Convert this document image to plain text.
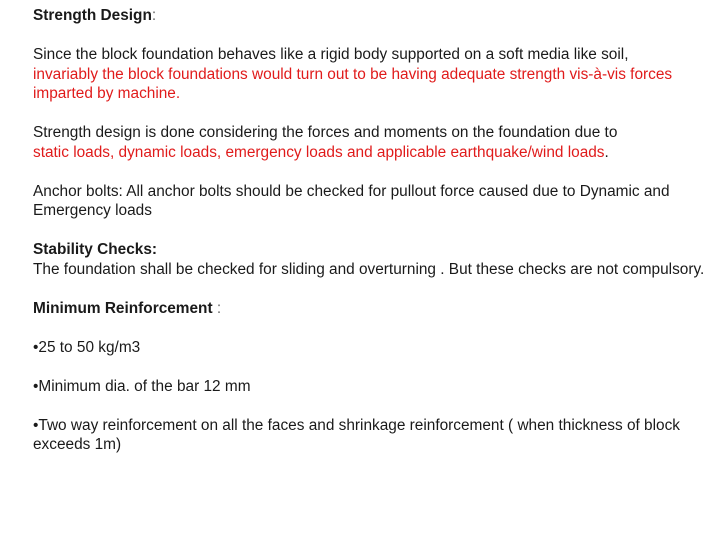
Strength Design:

Since the block foundation behaves like a rigid body supported on a soft media like soil,
invariably the block foundations would turn out to be having adequate strength vis-à-vis forces imparted by machine.

Strength design is done considering the forces and moments on the foundation due to
static loads, dynamic loads, emergency loads and applicable earthquake/wind loads.

Anchor bolts: All anchor bolts should be checked for pullout force caused due to Dynamic and Emergency loads

Stability Checks:
The foundation shall be checked for sliding and overturning . But these checks are not compulsory.

Minimum Reinforcement :

•25 to 50 kg/m3

•Minimum dia. of the bar 12 mm

•Two way reinforcement on all the faces and shrinkage reinforcement ( when thickness of block exceeds 1m)
